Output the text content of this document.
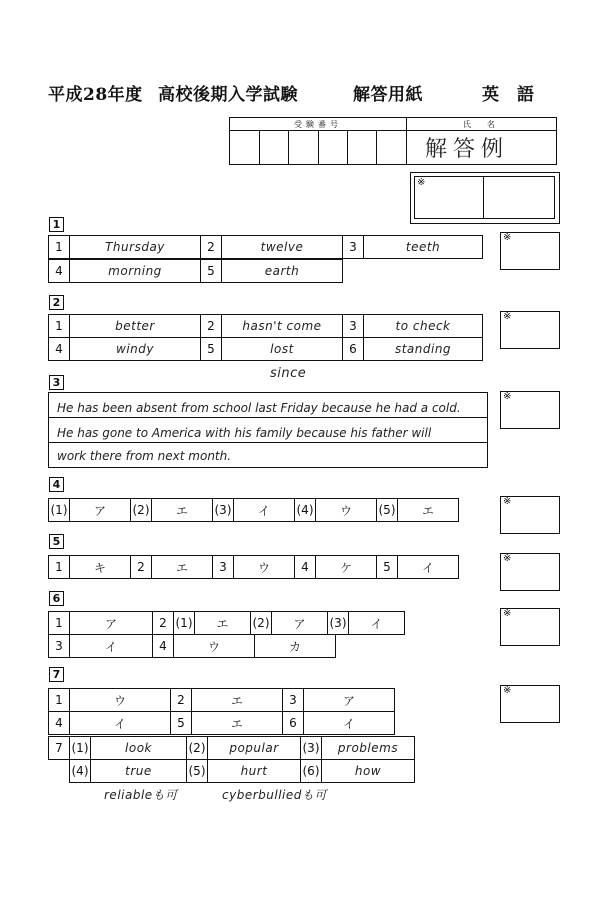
平成28年度 高校後期入学試験	解答用紙	英　語
受験番号	氏　名
解答例
※
1
1	Thursday	2	twelve	3	teeth
4	morning	5	earth
※
2
1	better	2	hasn't come	3	to check
4	windy	5	lost	6	standing
※
3
since
He has been absent from school last Friday because he had a cold.
He has gone to America with his family because his father will
work there from next month.
※
4
(1)	ア	(2)	エ	(3)	イ	(4)	ウ	(5)	エ
※
5
1	キ	2	エ	3	ウ	4	ケ	5	イ
※
6
1	ア	2	(1)	エ	(2)	ア	(3)	イ
3	イ	4	ウ	カ
※
7
1	ウ	2	エ	3	ア
4	イ	5	エ	6	イ
7	(1)	look	(2)	popular	(3)	problems
	(4)	true	(5)	hurt	(6)	how
reliableも可	cyberbulliedも可
※
